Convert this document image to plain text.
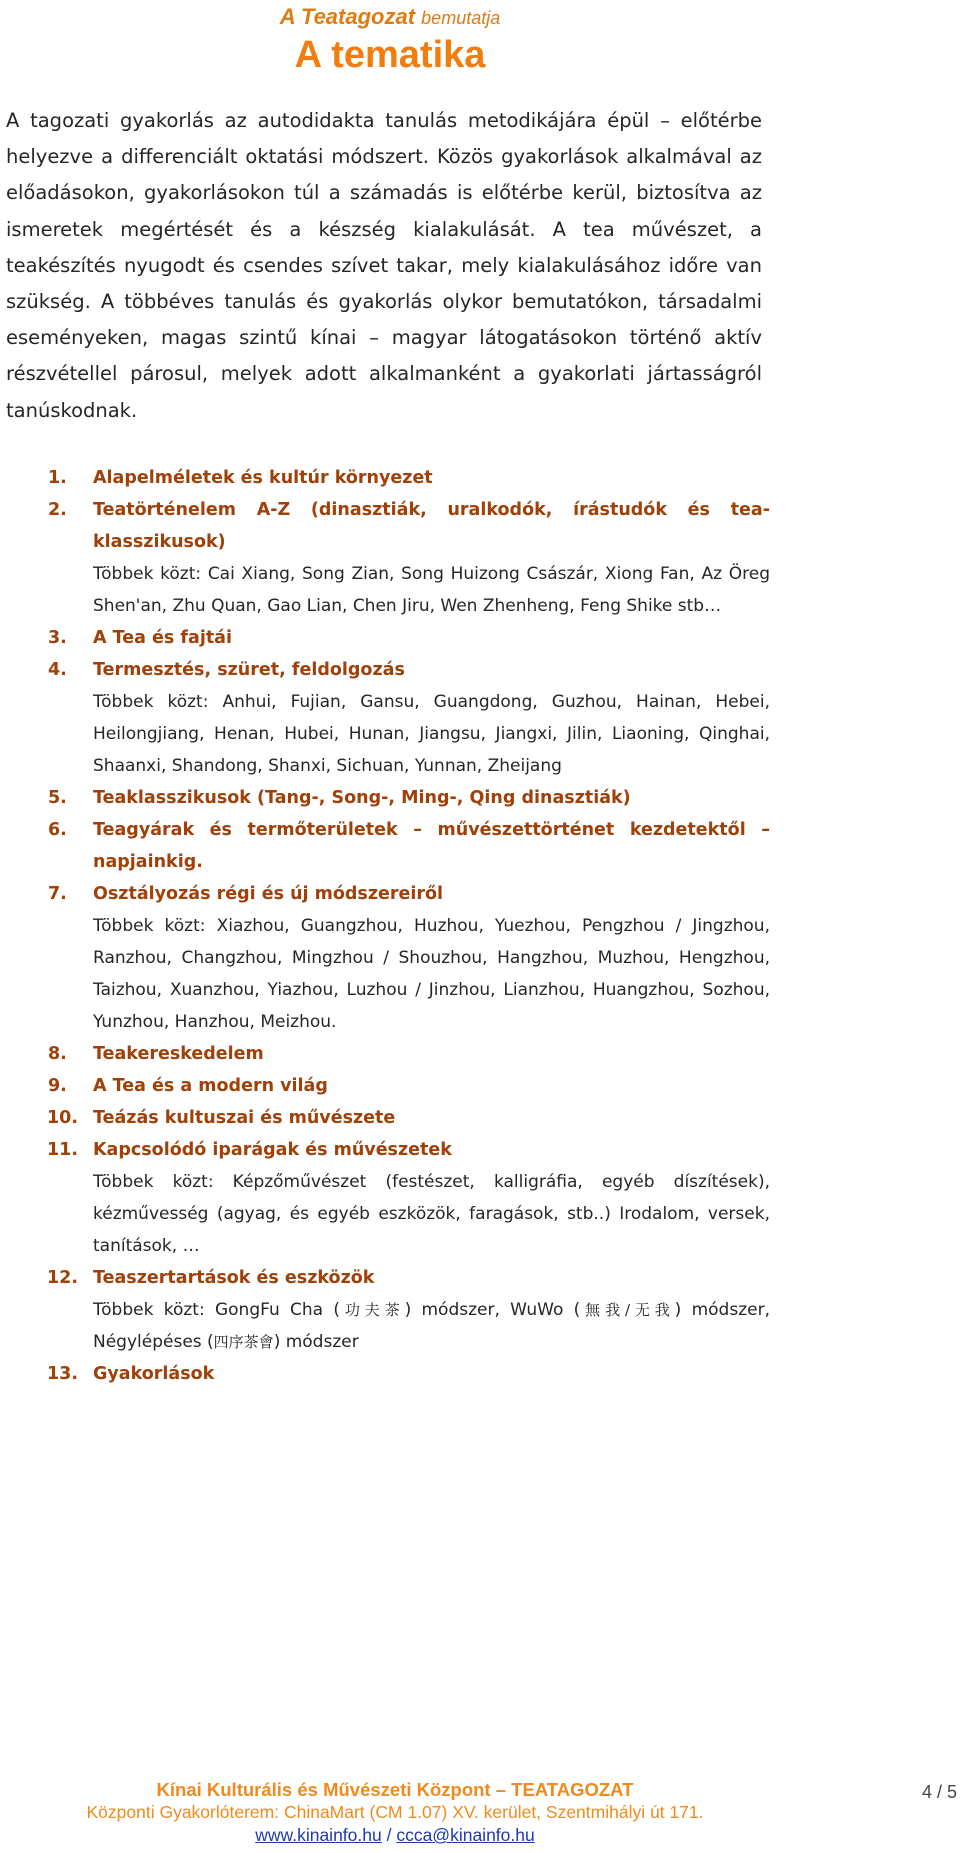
A Teatagozat bemutatja
A tematika
A tagozati gyakorlás az autodidakta tanulás metodikájára épül – előtérbe helyezve a differenciált oktatási módszert. Közös gyakorlások alkalmával az előadásokon, gyakorlásokon túl a számadás is előtérbe kerül, biztosítva az ismeretek megértését és a készség kialakulását. A tea művészet, a teakészítés nyugodt és csendes szívet takar, mely kialakulásához időre van szükség. A többéves tanulás és gyakorlás olykor bemutatókon, társadalmi eseményeken, magas szintű kínai – magyar látogatásokon történő aktív részvétellel párosul, melyek adott alkalmanként a gyakorlati jártasságról tanúskodnak.
1. Alapelméletek és kultúr környezet
2. Teatörténelem A-Z (dinasztiák, uralkodók, írástudók és tea-klasszikusok)
Többek közt: Cai Xiang, Song Zian, Song Huizong Császár, Xiong Fan, Az Öreg Shen'an, Zhu Quan, Gao Lian, Chen Jiru, Wen Zhenheng, Feng Shike stb…
3. A Tea és fajtái
4. Termesztés, szüret, feldolgozás
Többek közt: Anhui, Fujian, Gansu, Guangdong, Guzhou, Hainan, Hebei, Heilongjiang, Henan, Hubei, Hunan, Jiangsu, Jiangxi, Jilin, Liaoning, Qinghai, Shaanxi, Shandong, Shanxi, Sichuan, Yunnan, Zheijang
5. Teaklasszikusok (Tang-, Song-, Ming-, Qing dinasztiák)
6. Teagyárak és termőterületek – művészettörténet kezdetektől – napjainkig.
7. Osztályozás régi és új módszereiről
Többek közt: Xiazhou, Guangzhou, Huzhou, Yuezhou, Pengzhou / Jingzhou, Ranzhou, Changzhou, Mingzhou / Shouzhou, Hangzhou, Muzhou, Hengzhou, Taizhou, Xuanzhou, Yiazhou, Luzhou / Jinzhou, Lianzhou, Huangzhou, Sozhou, Yunzhou, Hanzhou, Meizhou.
8. Teakereskedelem
9. A Tea és a modern világ
10. Teázás kultuszai és művészete
11. Kapcsolódó iparágak és művészetek
Többek közt: Képzőművészet (festészet, kalligráfia, egyéb díszítések), kézművesség (agyag, és egyéb eszközök, faragások, stb..) Irodalom, versek, tanítások, …
12. Teaszertartások és eszközök
Többek közt: GongFu Cha (功夫茶) módszer, WuWo (無我/无我) módszer, Négylépéses (四序茶會) módszer
13. Gyakorlások
Kínai Kulturális és Művészeti Központ – TEATAGOZAT
Központi Gyakorlóterem: ChinaMart (CM 1.07) XV. kerület, Szentmihályi út 171.
www.kinainfo.hu / ccca@kinainfo.hu
4 / 5
